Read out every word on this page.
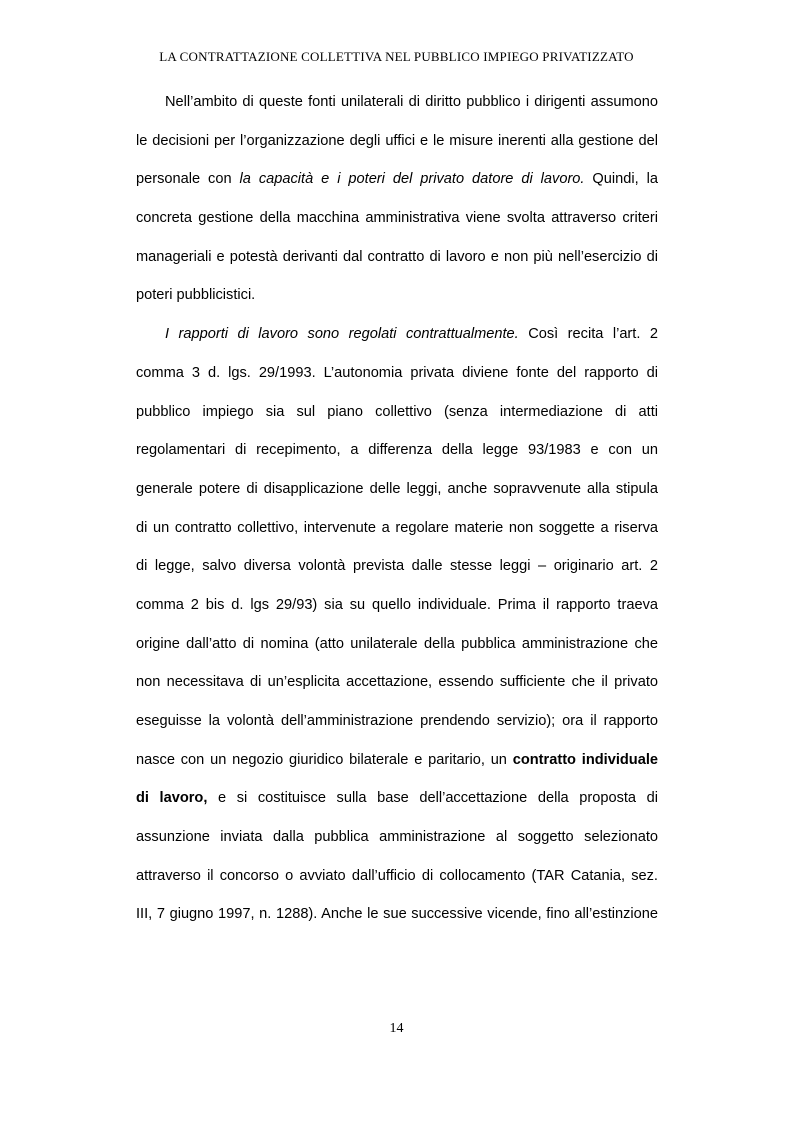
LA CONTRATTAZIONE COLLETTIVA NEL PUBBLICO IMPIEGO PRIVATIZZATO
Nell’ambito di queste fonti unilaterali di diritto pubblico i dirigenti assumono
le decisioni per l’organizzazione degli uffici e le misure inerenti alla gestione del
personale con la capacità e i poteri del privato datore di lavoro. Quindi, la
concreta gestione della macchina amministrativa viene svolta attraverso criteri
manageriali e potestà derivanti dal contratto di lavoro e non più nell’esercizio di
poteri pubblicistici.
I rapporti di lavoro sono regolati contrattualmente. Così recita l’art. 2
comma 3 d. lgs. 29/1993. L’autonomia privata diviene fonte del rapporto di
pubblico impiego sia sul piano collettivo (senza intermediazione di atti
regolamentari di recepimento, a differenza della legge 93/1983 e con un
generale potere di disapplicazione delle leggi, anche sopravvenute alla stipula
di un contratto collettivo, intervenute a regolare materie non soggette a riserva
di legge, salvo diversa volontà prevista dalle stesse leggi – originario art. 2
comma 2 bis d. lgs 29/93) sia su quello individuale. Prima il rapporto traeva
origine dall’atto di nomina (atto unilaterale della pubblica amministrazione che
non necessitava di un’esplicita accettazione, essendo sufficiente che il privato
eseguisse la volontà dell’amministrazione prendendo servizio); ora il rapporto
nasce con un negozio giuridico bilaterale e paritario, un contratto individuale
di lavoro, e si costituisce sulla base dell’accettazione della proposta di
assunzione inviata dalla pubblica amministrazione al soggetto selezionato
attraverso il concorso o avviato dall’ufficio di collocamento (TAR Catania, sez.
III, 7 giugno 1997, n. 1288). Anche le sue successive vicende, fino all’estinzione
14
